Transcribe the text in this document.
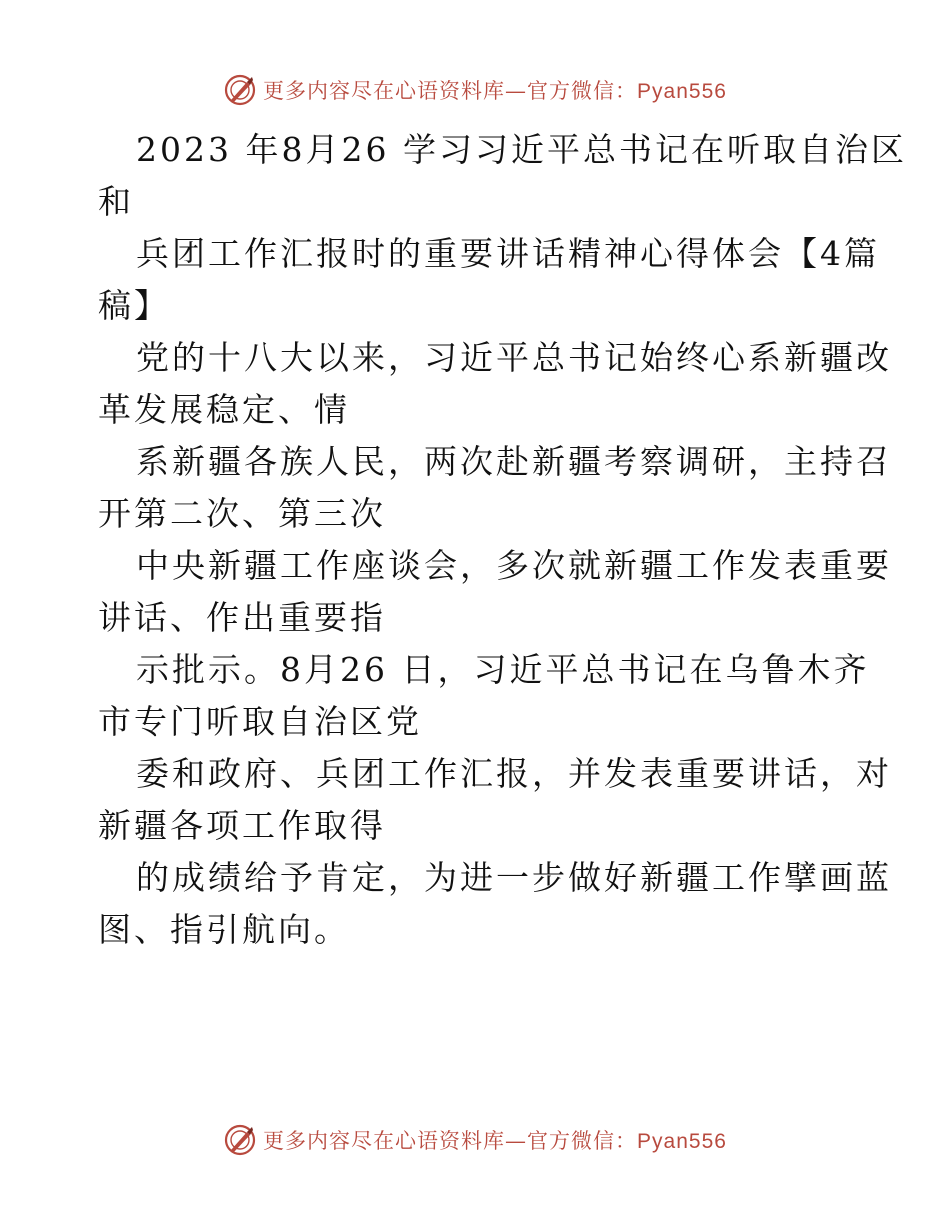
更多内容尽在心语资料库—官方微信：Pyan556
2023 年8月26 学习习近平总书记在听取自治区
和
兵团工作汇报时的重要讲话精神心得体会【4篇
稿】
党的十八大以来，习近平总书记始终心系新疆改
革发展稳定、情
系新疆各族人民，两次赴新疆考察调研，主持召
开第二次、第三次
中央新疆工作座谈会，多次就新疆工作发表重要
讲话、作出重要指
示批示。8月26 日，习近平总书记在乌鲁木齐
市专门听取自治区党
委和政府、兵团工作汇报，并发表重要讲话，对
新疆各项工作取得
的成绩给予肯定，为进一步做好新疆工作擘画蓝
图、指引航向。
更多内容尽在心语资料库—官方微信：Pyan556
